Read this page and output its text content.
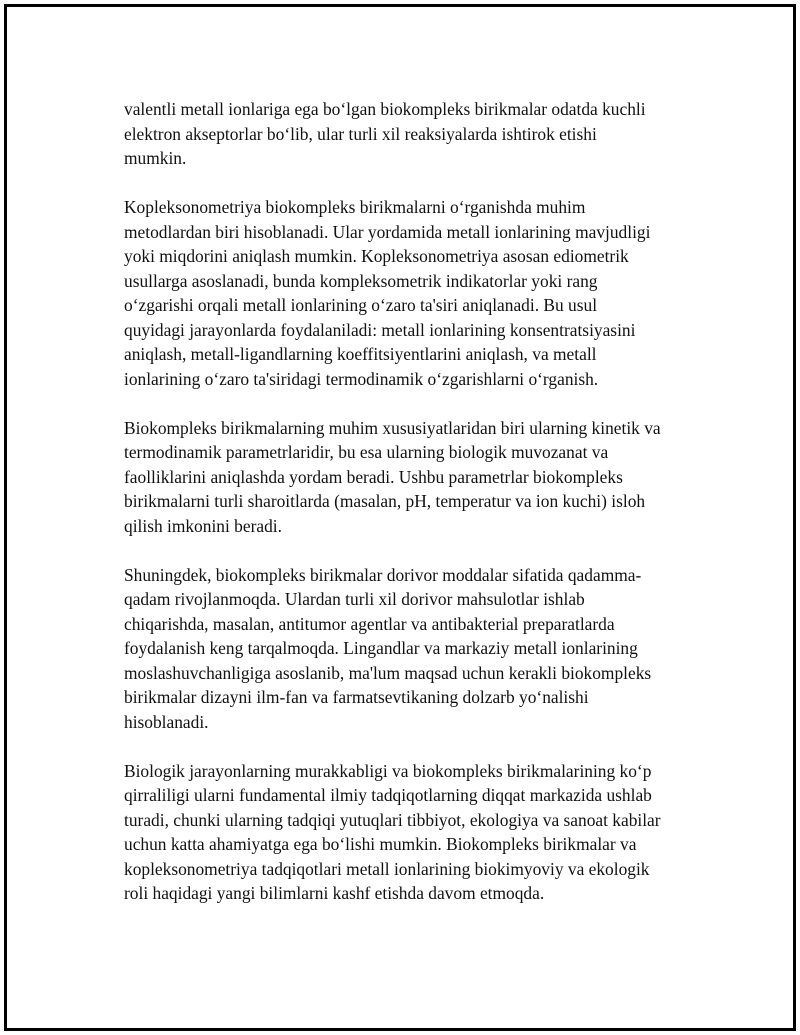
valentli metall ionlariga ega bo‘lgan biokompleks birikmalar odatda kuchli
elektron akseptorlar bo‘lib, ular turli xil reaksiyalarda ishtirok etishi
mumkin.

Kopleksonometriya biokompleks birikmalarni o‘rganishda muhim
metodlardan biri hisoblanadi. Ular yordamida metall ionlarining mavjudligi
yoki miqdorini aniqlash mumkin. Kopleksonometriya asosan ediometrik
usullarga asoslanadi, bunda kompleksometrik indikatorlar yoki rang
o‘zgarishi orqali metall ionlarining o‘zaro ta'siri aniqlanadi. Bu usul
quyidagi jarayonlarda foydalaniladi: metall ionlarining konsentratsiyasini
aniqlash, metall-ligandlarning koeffitsiyentlarini aniqlash, va metall
ionlarining o‘zaro ta'siridagi termodinamik o‘zgarishlarni o‘rganish.

Biokompleks birikmalarning muhim xususiyatlaridan biri ularning kinetik va
termodinamik parametrlaridir, bu esa ularning biologik muvozanat va
faolliklarini aniqlashda yordam beradi. Ushbu parametrlar biokompleks
birikmalarni turli sharoitlarda (masalan, pH, temperatur va ion kuchi) isloh
qilish imkonini beradi.

Shuningdek, biokompleks birikmalar dorivor moddalar sifatida qadamma-
qadam rivojlanmoqda. Ulardan turli xil dorivor mahsulotlar ishlab
chiqarishda, masalan, antitumor agentlar va antibakterial preparatlarda
foydalanish keng tarqalmoqda. Lingandlar va markaziy metall ionlarining
moslashuvchanligiga asoslanib, ma'lum maqsad uchun kerakli biokompleks
birikmalar dizayni ilm-fan va farmatsevtikaning dolzarb yo‘nalishi
hisoblanadi.

Biologik jarayonlarning murakkabligi va biokompleks birikmalarining ko‘p
qirraliligi ularni fundamental ilmiy tadqiqotlarning diqqat markazida ushlab
turadi, chunki ularning tadqiqi yutuqlari tibbiyot, ekologiya va sanoat kabilar
uchun katta ahamiyatga ega bo‘lishi mumkin. Biokompleks birikmalar va
kopleksonometriya tadqiqotlari metall ionlarining biokimyoviy va ekologik
roli haqidagi yangi bilimlarni kashf etishda davom etmoqda.
